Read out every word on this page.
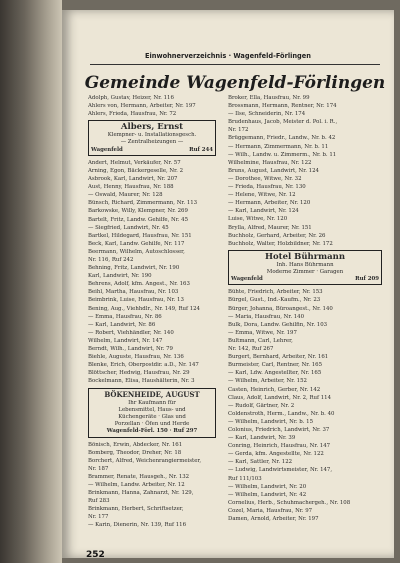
Einwohnerverzeichnis · Wagenfeld-Förlingen
Gemeinde Wagenfeld-Förlingen
Adolph, Gustav, Heizer, Nr. 116
Ahlers von, Hermann, Arbeiter, Nr. 197
Ahlers, Frieda, Hausfrau, Nr. 72
Albers, Ernst
Klempner- u. Installationsgesch.
— Zentralheizungen —
Wagenfeld	Ruf 244
Andert, Helmut, Verkäufer, Nr. 57
Arning, Egon, Bäckergeselle, Nr. 2
Asbrook, Karl, Landwirt, Nr. 207
Aust, Henny, Hausfrau, Nr. 188
— Oswald, Maurer, Nr. 128
Bünsch, Richard, Zimmermann, Nr. 113
Barkowske, Willy, Klempner, Nr. 269
Bartelt, Fritz, Landw. Gehilfe, Nr. 45
— Siegfried, Landwirt, Nr. 45
Bartkel, Hildegard, Hausfrau, Nr. 151
Beck, Karl, Landw. Gehilfe, Nr. 117
Beermann, Wilhelm, Autoschlosser,
Nr. 116, Ruf 242
Behning, Fritz, Landwirt, Nr. 190
Karl, Landwirt, Nr. 190
Behrens, Adolf, kfm. Angest., Nr. 163
Beihl, Martha, Hausfrau, Nr. 103
Beimbrink, Luise, Hausfrau, Nr. 13
Bening, Aug., Viehhdlr., Nr. 149, Ruf 124
— Emma, Hausfrau, Nr. 86
— Karl, Landwirt, Nr. 86
— Robert, Viehhändler, Nr. 140
Wilhelm, Landwirt, Nr. 147
Berndt, Wilh., Landwirt, Nr. 79
Biehle, Auguste, Hausfrau, Nr. 136
Blenke, Erich, Oberpostdir. a.D., Nr. 147
Blöttscher, Hedwig, Hausfrau, Nr. 29
Bockelmann, Elisa, Haushälterin, Nr. 3
BÖKENHEIDE, AUGUST
Ihr Kaufmann für
Lebensmittel, Haus- und
Küchengeräte · Glas und
Porzellan · Öfen und Herde
Wagenfeld-Förl. 150 · Ruf 297
Bönisch, Erwin, Abdecker, Nr. 161
Bomberg, Theodor, Dreher, Nr. 18
Borchert, Alfred, Weichenrangiermeister,
Nr. 187
Brammer, Renate, Hausgeh., Nr. 132
— Wilhelm, Landw. Arbeiter, Nr. 12
Brinkmann, Hanna, Zahnarzt, Nr. 129,
Ruf 283
Brinkmann, Herbert, Schriftsetzer,
Nr. 177
— Karin, Dienerin, Nr. 139, Ruf 116
Broker, Ella, Hausfrau, Nr. 99
Brossmann, Hermann, Rentner, Nr. 174
— Ilse, Schneiderin, Nr. 174
Brudenhaus, Jacob, Meister d. Pol. i. R.,
Nr. 172
Brüggemann, Friedr., Landw., Nr. b. 42
— Hermann, Zimmermann, Nr. b. 11
— Wilh., Landw. u. Zimmerm., Nr. b. 11
Wilhelmine, Hausfrau, Nr. 122
Bruns, August, Landwirt, Nr. 124
— Dorothee, Witwe, Nr. 32
— Frieda, Hausfrau, Nr. 130
— Helene, Witwe, Nr. 12
— Hermann, Arbeiter, Nr. 120
— Karl, Landwirt, Nr. 124
Luise, Witwe, Nr. 120
Brylla, Alfred, Maurer, Nr. 151
Buchholz, Gerhard, Arbeiter, Nr. 26
Buchholz, Walter, Holzbildner, Nr. 172
Hotel Bührmann
Inh. Hans Bührmann
Moderne Zimmer · Garagen
Wagenfeld	Ruf 209
Bühte, Friedrich, Arbeiter, Nr. 153
Bürgel, Gust., Ind.-Kaufm., Nr. 23
Bürger, Johanna, Büroangest., Nr. 140
— Maria, Hausfrau, Nr. 140
Bulk, Dora, Landw. Gehilfin, Nr. 103
— Emma, Witwe, Nr. 197
Bultmann, Carl, Lehrer,
Nr. 142, Ruf 267
Burgert, Bernhard, Arbeiter, Nr. 161
Burmeister, Carl, Rentner, Nr. 165
— Karl, Ldw. Angestellter, Nr. 165
— Wilhelm, Arbeiter, Nr. 152
Casten, Heinrich, Gerber, Nr. 142
Claus, Adolf, Landwirt, Nr. 2, Ruf 114
— Rudolf, Gärtner, Nr. 2
Coldenstroth, Herm., Landw., Nr. b. 40
— Wilhelm, Landwirt, Nr. b. 15
Colonius, Friedrich, Landwirt, Nr. 37
— Karl, Landwirt, Nr. 39
Conring, Heinrich, Hausfrau, Nr. 147
— Gerda, kfm. Angestellte, Nr. 122
— Karl, Sattler, Nr. 122
— Ludwig, Landwirtsmeister, Nr. 147,
Ruf 111/103
— Wilhelm, Landwirt, Nr. 20
— Wilhelm, Landwirt, Nr. 42
Cornelius, Herb., Schuhmachergeh., Nr. 108
Cozel, Maria, Hausfrau, Nr. 97
Damen, Arnold, Arbeiter, Nr. 197
252
